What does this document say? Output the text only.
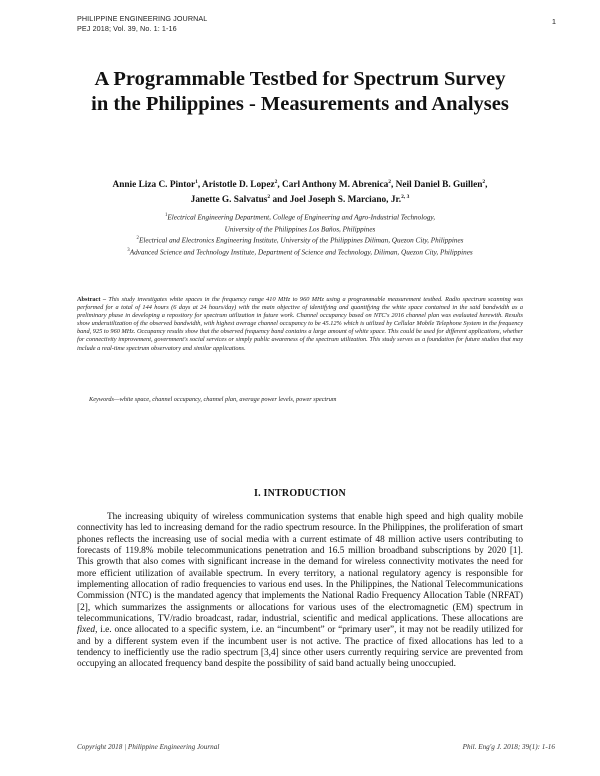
PHILIPPINE ENGINEERING JOURNAL
PEJ 2018; Vol. 39, No. 1: 1-16
1
A Programmable Testbed for Spectrum Survey
in the Philippines - Measurements and Analyses
Annie Liza C. Pintor$^1$, Aristotle D. Lopez$^2$, Carl Anthony M. Abrenica$^2$, Neil Daniel B. Guillen$^2$,
Janette G. Salvatus$^2$ and Joel Joseph S. Marciano, Jr.$^{2, 3}$
$^1$Electrical Engineering Department, College of Engineering and Agro-Industrial Technology,
University of the Philippines Los Baños, Philippines
$^2$Electrical and Electronics Engineering Institute, University of the Philippines Diliman, Quezon City, Philippines
$^3$Advanced Science and Technology Institute, Department of Science and Technology, Diliman, Quezon City, Philippines
Abstract – This study investigates white spaces in the frequency range 410 MHz to 960 MHz using a programmable measurement testbed. Radio spectrum scanning was performed for a total of 144 hours (6 days at 24 hours/day) with the main objective of identifying and quantifying the white space contained in the said bandwidth as a preliminary phase in developing a repository for spectrum utilization in future work. Channel occupancy based on NTC's 2016 channel plan was evaluated herewith. Results show underutilization of the observed bandwidth, with highest average channel occupancy to be 45.12% which is utilized by Cellular Mobile Telephone System in the frequency band, 925 to 960 MHz. Occupancy results show that the observed frequency band contains a large amount of white space. This could be used for different applications, whether for connectivity improvement, government's social services or simply public awareness of the spectrum utilization. This study serves as a foundation for future studies that may include a real-time spectrum observatory and similar applications.
Keywords—white space, channel occupancy, channel plan, average power levels, power spectrum
I. INTRODUCTION
The increasing ubiquity of wireless communication systems that enable high speed and high quality mobile connectivity has led to increasing demand for the radio spectrum resource. In the Philippines, the proliferation of smart phones reflects the increasing use of social media with a current estimate of 48 million active users contributing to forecasts of 119.8% mobile telecommunications penetration and 16.5 million broadband subscriptions by 2020 [1]. This growth that also comes with significant increase in the demand for wireless connectivity motivates the need for more efficient utilization of available spectrum. In every territory, a national regulatory agency is responsible for implementing allocation of radio frequencies to various end uses. In the Philippines, the National Telecommunications Commission (NTC) is the mandated agency that implements the National Radio Frequency Allocation Table (NRFAT) [2], which summarizes the assignments or allocations for various uses of the electromagnetic (EM) spectrum in telecommunications, TV/radio broadcast, radar, industrial, scientific and medical applications. These allocations are fixed, i.e. once allocated to a specific system, i.e. an “incumbent” or “primary user”, it may not be readily utilized for and by a different system even if the incumbent user is not active. The practice of fixed allocations has led to a tendency to inefficiently use the radio spectrum [3,4] since other users currently requiring service are prevented from occupying an allocated frequency band despite the possibility of said band actually being unoccupied.
Copyright 2018 | Philippine Engineering Journal	Phil. Eng'g J. 2018; 39(1): 1-16
